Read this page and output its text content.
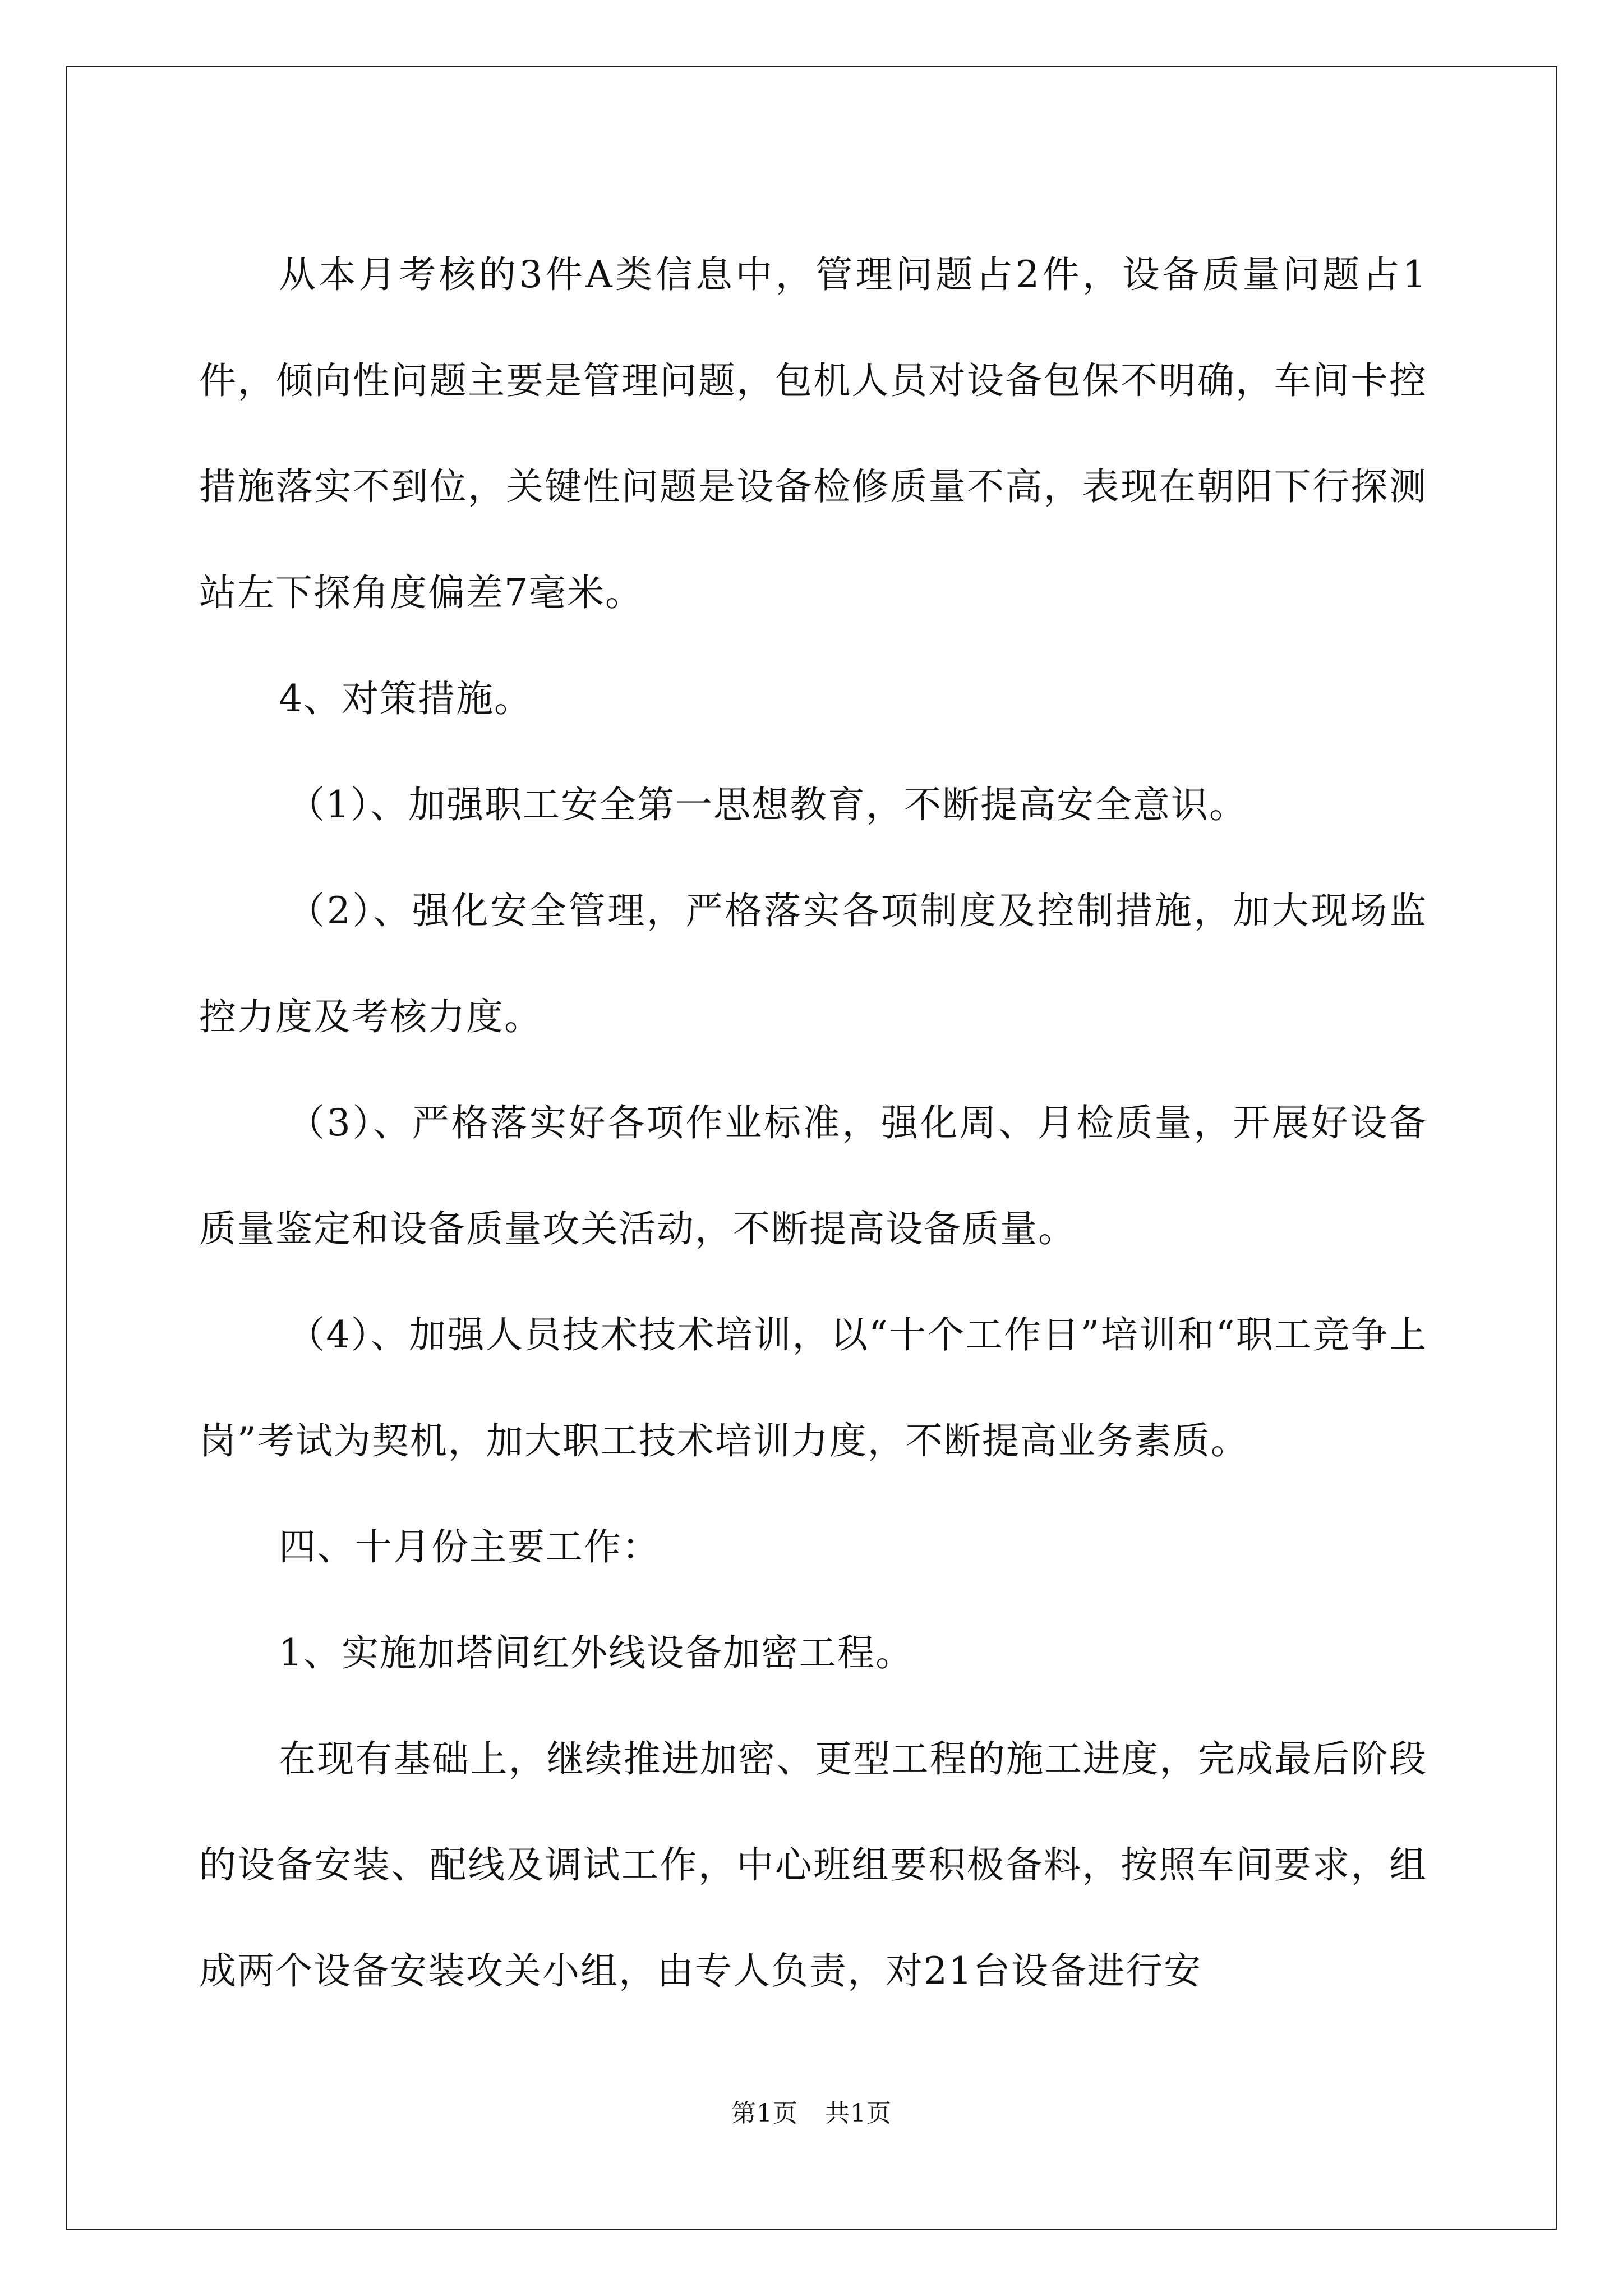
从本月考核的3件A类信息中，管理问题占2件，设备质量问题占1件，倾向性问题主要是管理问题，包机人员对设备包保不明确，车间卡控措施落实不到位，关键性问题是设备检修质量不高，表现在朝阳下行探测站左下探角度偏差7毫米。

4、对策措施。

（1）、加强职工安全第一思想教育，不断提高安全意识。

（2）、强化安全管理，严格落实各项制度及控制措施，加大现场监控力度及考核力度。

（3）、严格落实好各项作业标准，强化周、月检质量，开展好设备质量鉴定和设备质量攻关活动，不断提高设备质量。

（4）、加强人员技术技术培训，以“十个工作日”培训和“职工竞争上岗”考试为契机，加大职工技术培训力度，不断提高业务素质。

四、十月份主要工作：

1、实施加塔间红外线设备加密工程。

在现有基础上，继续推进加密、更型工程的施工进度，完成最后阶段的设备安装、配线及调试工作，中心班组要积极备料，按照车间要求，组成两个设备安装攻关小组，由专人负责，对21台设备进行安

第1页 共1页
